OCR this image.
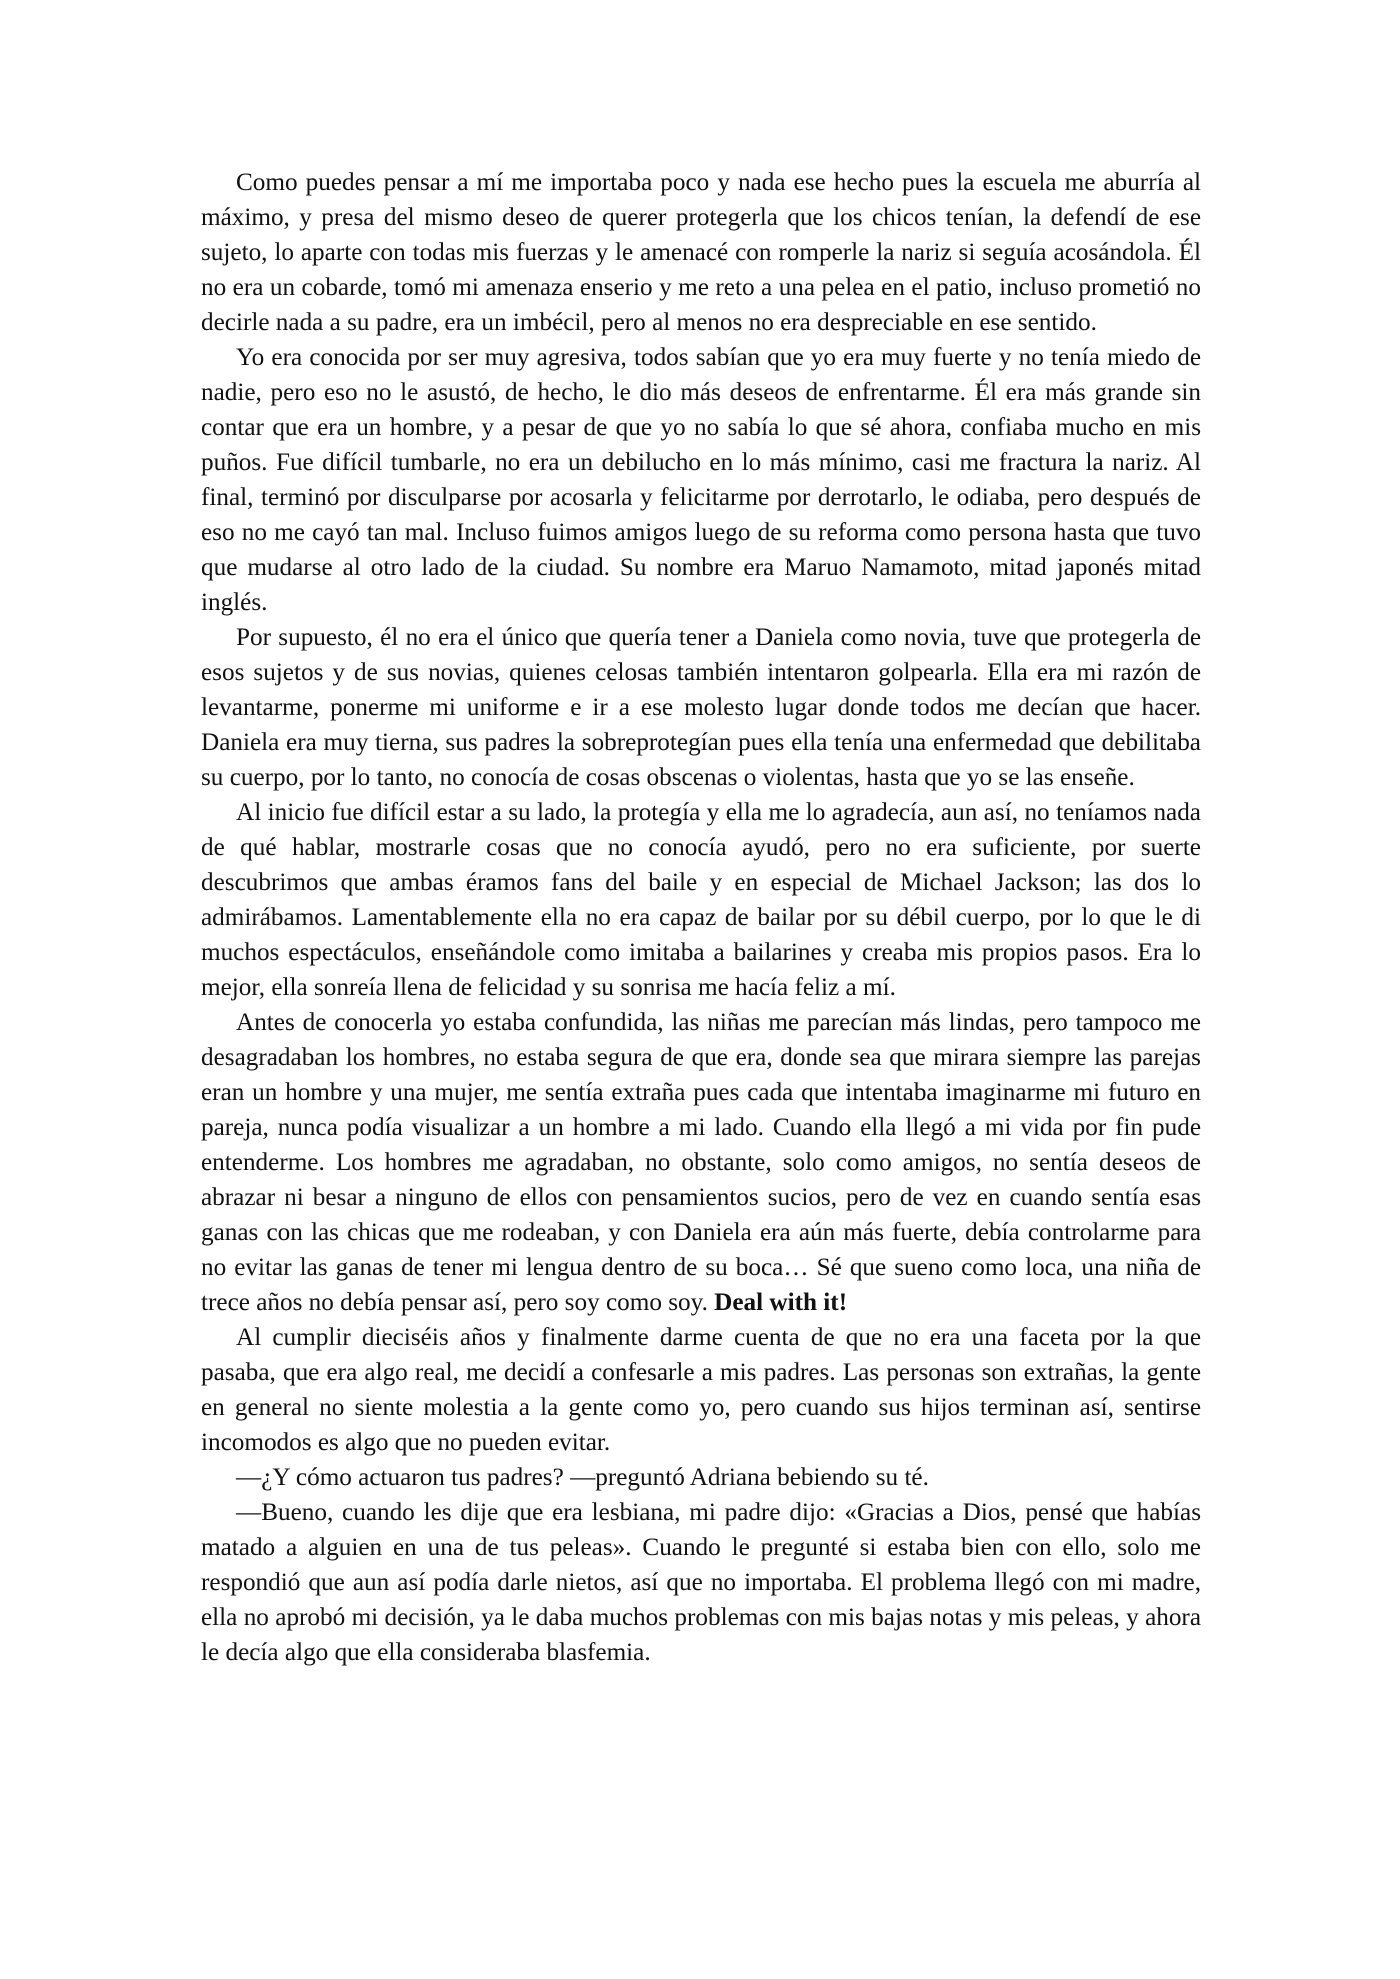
Como puedes pensar a mí me importaba poco y nada ese hecho pues la escuela me aburría al máximo, y presa del mismo deseo de querer protegerla que los chicos tenían, la defendí de ese sujeto, lo aparte con todas mis fuerzas y le amenacé con romperle la nariz si seguía acosándola. Él no era un cobarde, tomó mi amenaza enserio y me reto a una pelea en el patio, incluso prometió no decirle nada a su padre, era un imbécil, pero al menos no era despreciable en ese sentido.

Yo era conocida por ser muy agresiva, todos sabían que yo era muy fuerte y no tenía miedo de nadie, pero eso no le asustó, de hecho, le dio más deseos de enfrentarme. Él era más grande sin contar que era un hombre, y a pesar de que yo no sabía lo que sé ahora, confiaba mucho en mis puños. Fue difícil tumbarle, no era un debilucho en lo más mínimo, casi me fractura la nariz. Al final, terminó por disculparse por acosarla y felicitarme por derrotarlo, le odiaba, pero después de eso no me cayó tan mal. Incluso fuimos amigos luego de su reforma como persona hasta que tuvo que mudarse al otro lado de la ciudad. Su nombre era Maruo Namamoto, mitad japonés mitad inglés.

Por supuesto, él no era el único que quería tener a Daniela como novia, tuve que protegerla de esos sujetos y de sus novias, quienes celosas también intentaron golpearla. Ella era mi razón de levantarme, ponerme mi uniforme e ir a ese molesto lugar donde todos me decían que hacer. Daniela era muy tierna, sus padres la sobreprotegían pues ella tenía una enfermedad que debilitaba su cuerpo, por lo tanto, no conocía de cosas obscenas o violentas, hasta que yo se las enseñe.

Al inicio fue difícil estar a su lado, la protegía y ella me lo agradecía, aun así, no teníamos nada de qué hablar, mostrarle cosas que no conocía ayudó, pero no era suficiente, por suerte descubrimos que ambas éramos fans del baile y en especial de Michael Jackson; las dos lo admirábamos. Lamentablemente ella no era capaz de bailar por su débil cuerpo, por lo que le di muchos espectáculos, enseñándole como imitaba a bailarines y creaba mis propios pasos. Era lo mejor, ella sonreía llena de felicidad y su sonrisa me hacía feliz a mí.

Antes de conocerla yo estaba confundida, las niñas me parecían más lindas, pero tampoco me desagradaban los hombres, no estaba segura de que era, donde sea que mirara siempre las parejas eran un hombre y una mujer, me sentía extraña pues cada que intentaba imaginarme mi futuro en pareja, nunca podía visualizar a un hombre a mi lado. Cuando ella llegó a mi vida por fin pude entenderme. Los hombres me agradaban, no obstante, solo como amigos, no sentía deseos de abrazar ni besar a ninguno de ellos con pensamientos sucios, pero de vez en cuando sentía esas ganas con las chicas que me rodeaban, y con Daniela era aún más fuerte, debía controlarme para no evitar las ganas de tener mi lengua dentro de su boca… Sé que sueno como loca, una niña de trece años no debía pensar así, pero soy como soy. Deal with it!

Al cumplir dieciséis años y finalmente darme cuenta de que no era una faceta por la que pasaba, que era algo real, me decidí a confesarle a mis padres. Las personas son extrañas, la gente en general no siente molestia a la gente como yo, pero cuando sus hijos terminan así, sentirse incomodos es algo que no pueden evitar.

—¿Y cómo actuaron tus padres? —preguntó Adriana bebiendo su té.

—Bueno, cuando les dije que era lesbiana, mi padre dijo: «Gracias a Dios, pensé que habías matado a alguien en una de tus peleas». Cuando le pregunté si estaba bien con ello, solo me respondió que aun así podía darle nietos, así que no importaba. El problema llegó con mi madre, ella no aprobó mi decisión, ya le daba muchos problemas con mis bajas notas y mis peleas, y ahora le decía algo que ella consideraba blasfemia.
